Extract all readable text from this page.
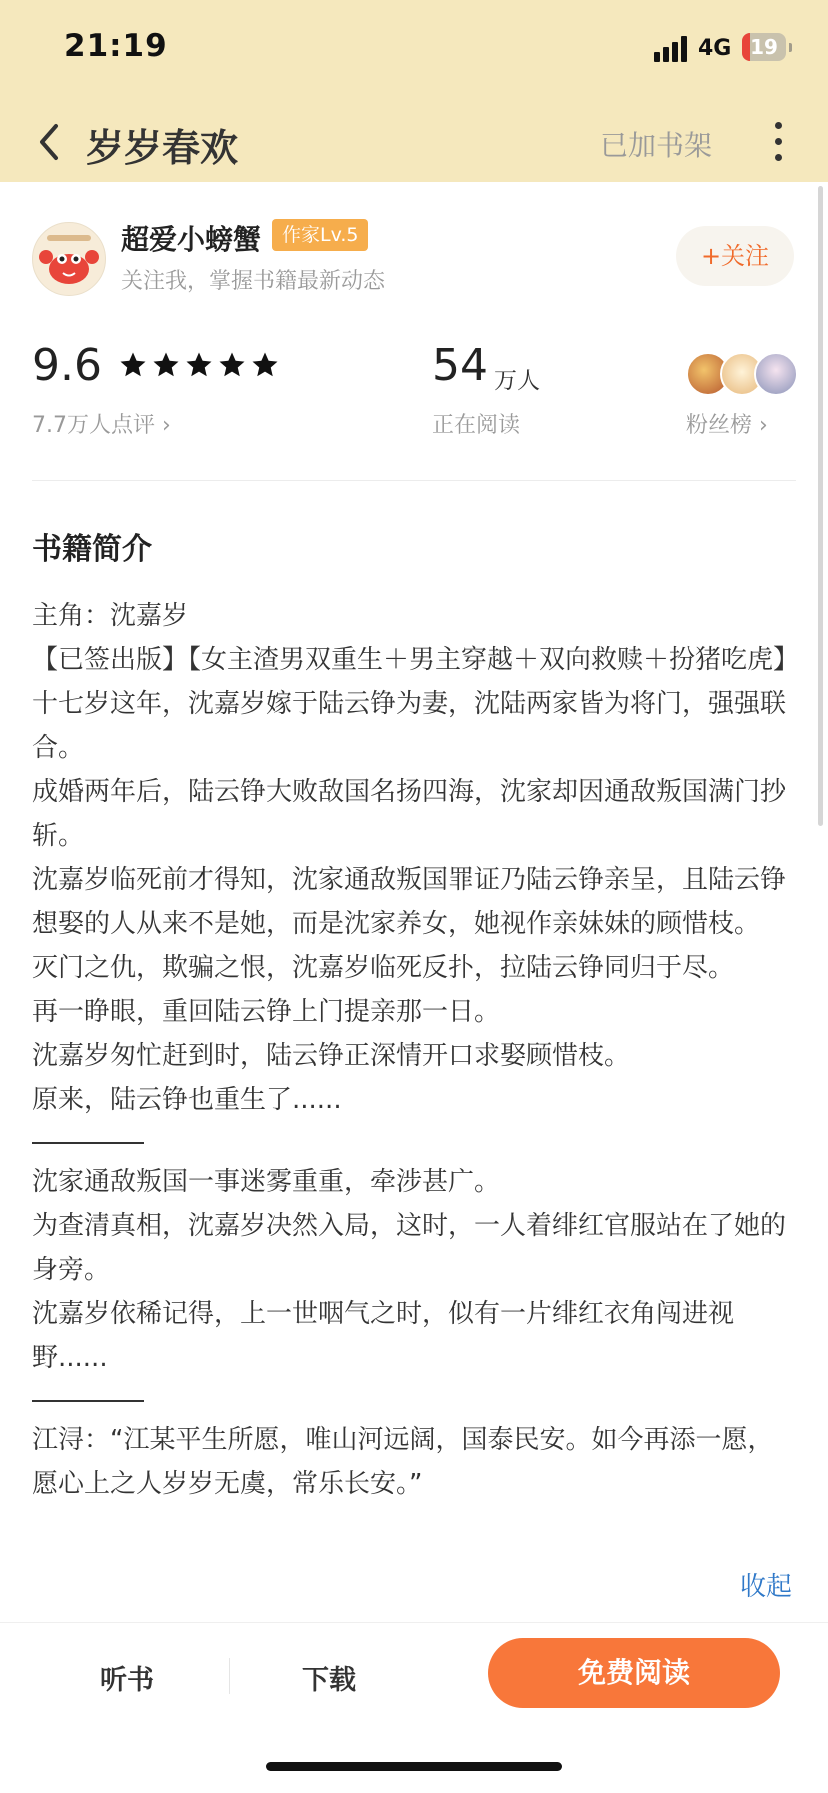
21:19	4G 19
岁岁春欢	已加书架
超爱小螃蟹	作家Lv.5
关注我，掌握书籍最新动态
+关注
9.6
7.7万人点评 ›
54 万人
正在阅读	粉丝榜 ›
书籍简介

主角：沈嘉岁

【已签出版】【女主渣男双重生＋男主穿越＋双向救赎＋扮猪吃虎】

十七岁这年，沈嘉岁嫁于陆云铮为妻，沈陆两家皆为将门，强强联合。

成婚两年后，陆云铮大败敌国名扬四海，沈家却因通敌叛国满门抄斩。

沈嘉岁临死前才得知，沈家通敌叛国罪证乃陆云铮亲呈，且陆云铮想娶的人从来不是她，而是沈家养女，她视作亲妹妹的顾惜枝。

灭门之仇，欺骗之恨，沈嘉岁临死反扑，拉陆云铮同归于尽。

再一睁眼，重回陆云铮上门提亲那一日。

沈嘉岁匆忙赶到时，陆云铮正深情开口求娶顾惜枝。

原来，陆云铮也重生了......

沈家通敌叛国一事迷雾重重，牵涉甚广。

为查清真相，沈嘉岁决然入局，这时，一人着绯红官服站在了她的身旁。

沈嘉岁依稀记得，上一世咽气之时，似有一片绯红衣角闯进视野......

江浔：“江某平生所愿，唯山河远阔，国泰民安。如今再添一愿，愿心上之人岁岁无虞，常乐长安。”

收起
听书	下载	免费阅读
